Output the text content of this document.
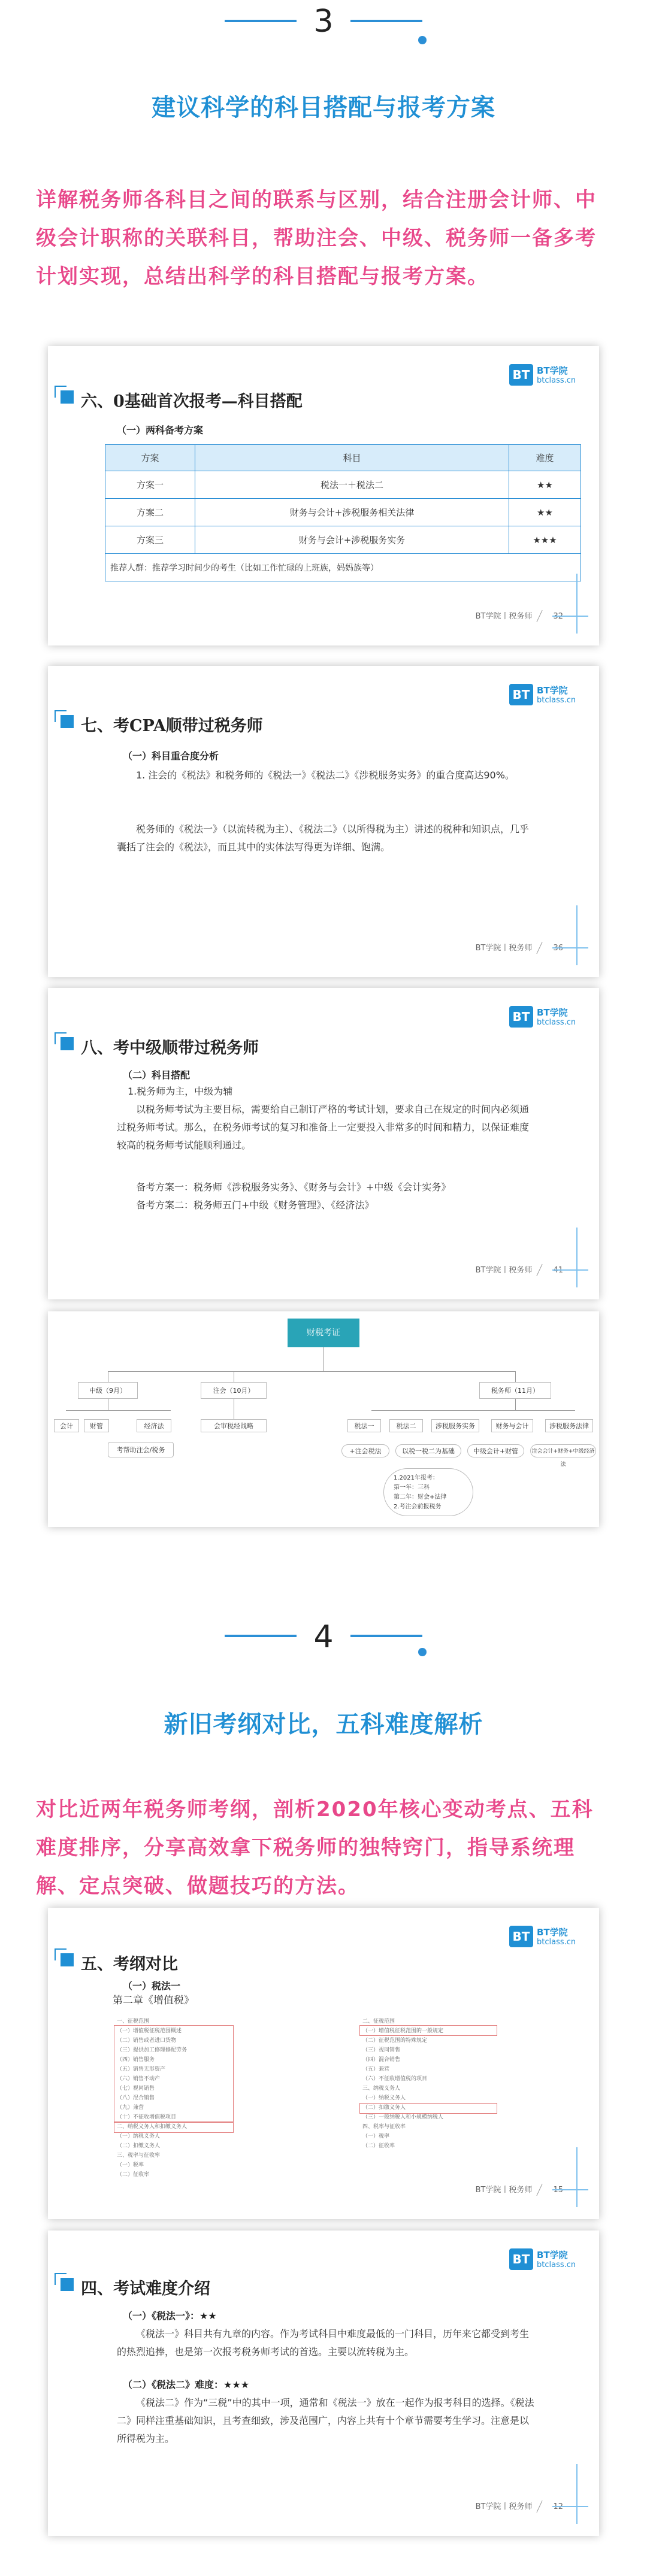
3
建议科学的科目搭配与报考方案
详解税务师各科目之间的联系与区别，结合注册会计师、中级会计职称的关联科目，帮助注会、中级、税务师一备多考计划实现，总结出科学的科目搭配与报考方案。
六、0基础首次报考—科目搭配
BT BT学院
btclass.cn
（一）两科备考方案
方案	科目	难度
方案一	税法一＋税法二	★★
方案二	财务与会计+涉税服务相关法律	★★
方案三	财务与会计+涉税服务实务	★★★
推荐人群：推荐学习时间少的考生（比如工作忙碌的上班族，妈妈族等）		
BT学院丨税务师
七、考CPA顺带过税务师
BT BT学院
btclass.cn
（一）科目重合度分析
1. 注会的《税法》和税务师的《税法一》《税法二》《涉税服务实务》的重合度高达90%。
税务师的《税法一》（以流转税为主）、《税法二》（以所得税为主）讲述的税种和知识点，几乎囊括了注会的《税法》，而且其中的实体法写得更为详细、饱满。
BT学院丨税务师
八、考中级顺带过税务师
BT BT学院
btclass.cn
（二）科目搭配
1.税务师为主，中级为辅
以税务师考试为主要目标，需要给自己制订严格的考试计划，要求自己在规定的时间内必须通过税务师考试。那么，在税务师考试的复习和准备上一定要投入非常多的时间和精力，以保证难度较高的税务师考试能顺利通过。
备考方案一：税务师《涉税服务实务》、《财务与会计》+中级《会计实务》
备考方案二：税务师五门+中级《财务管理》、《经济法》
BT学院丨税务师
财税考证
中级（9月）	注会（10月）	税务师（11月）
会计	财管	经济法
考帮助注会/税务
会审税经战略	税法一	税法二	涉税服务实务	财务与会计	涉税服务法律
+注会税法	以税一税二为基础	中级会计+财管	注会会计+财务+中级经济法
1.2021年报考：
第一年：三科
第二年：财会+法律
2.考注会前报税务
4
新旧考纲对比，五科难度解析
对比近两年税务师考纲，剖析2020年核心变动考点、五科难度排序，分享高效拿下税务师的独特窍门，指导系统理解、定点突破、做题技巧的方法。
五、考纲对比
BT BT学院
btclass.cn
（一）税法一
第二章《增值税》
一、征税范围
（一）增值税征税范围概述
（二）销售或者进口货物
（三）提供加工修理修配劳务
（四）销售服务
（五）销售无形资产
（六）销售不动产
（七）视同销售
（八）混合销售
（九）兼营
（十）不征收增值税项目
二、纳税义务人和扣缴义务人
（一）纳税义务人
（二）扣缴义务人
三、税率与征收率
（一）税率
（二）征收率
二、征税范围
（一）增值税征税范围的一般规定
（二）征税范围的特殊规定
（三）视同销售
（四）混合销售
（五）兼营
（六）不征收增值税的项目
三、纳税义务人
（一）纳税义务人
（二）扣缴义务人
（三）一般纳税人和小规模纳税人
四、税率与征收率
（一）税率
（二）征收率
BT学院丨税务师
四、考试难度介绍
BT BT学院
btclass.cn
（一）《税法一》：★★
《税法一》科目共有九章的内容。作为考试科目中难度最低的一门科目，历年来它都受到考生的热烈追捧，也是第一次报考税务师考试的首选。主要以流转税为主。
（二）《税法二》难度：★★★
《税法二》作为“三税”中的其中一项，通常和《税法一》放在一起作为报考科目的选择。《税法二》同样注重基础知识，且考查细致，涉及范围广，内容上共有十个章节需要考生学习。注意是以所得税为主。
BT学院丨税务师
